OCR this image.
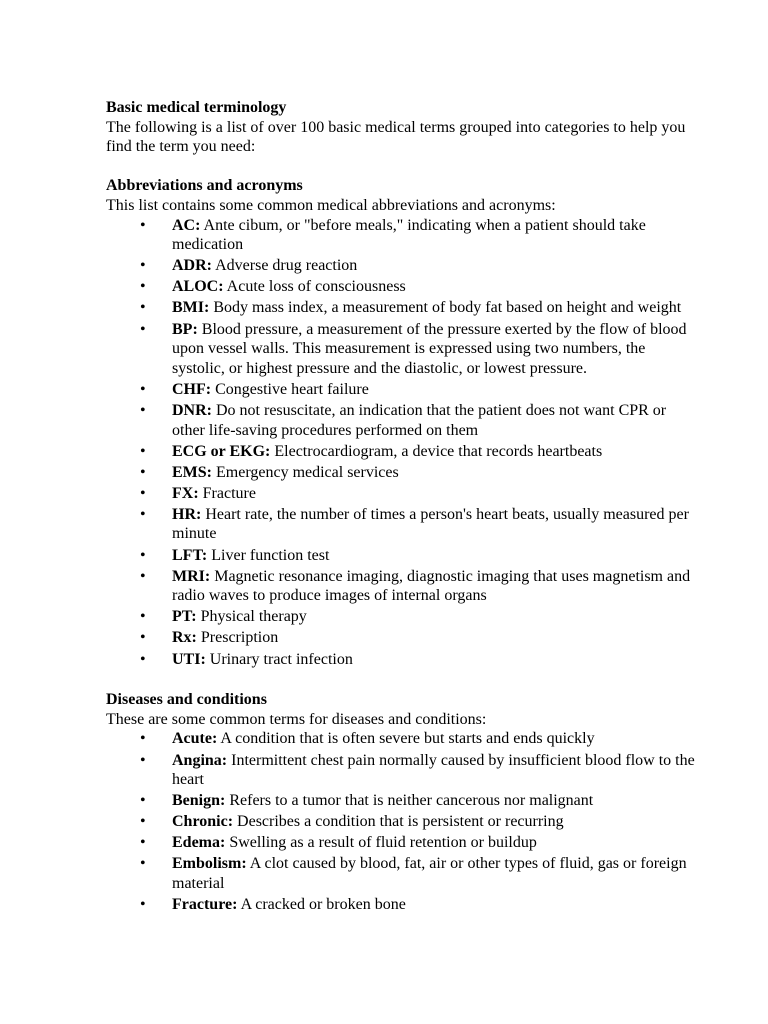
Basic medical terminology

The following is a list of over 100 basic medical terms grouped into categories to help you find the term you need:

Abbreviations and acronyms

This list contains some common medical abbreviations and acronyms:

• AC: Ante cibum, or "before meals," indicating when a patient should take medication
• ADR: Adverse drug reaction
• ALOC: Acute loss of consciousness
• BMI: Body mass index, a measurement of body fat based on height and weight
• BP: Blood pressure, a measurement of the pressure exerted by the flow of blood upon vessel walls. This measurement is expressed using two numbers, the systolic, or highest pressure and the diastolic, or lowest pressure.
• CHF: Congestive heart failure
• DNR: Do not resuscitate, an indication that the patient does not want CPR or other life-saving procedures performed on them
• ECG or EKG: Electrocardiogram, a device that records heartbeats
• EMS: Emergency medical services
• FX: Fracture
• HR: Heart rate, the number of times a person's heart beats, usually measured per minute
• LFT: Liver function test
• MRI: Magnetic resonance imaging, diagnostic imaging that uses magnetism and radio waves to produce images of internal organs
• PT: Physical therapy
• Rx: Prescription
• UTI: Urinary tract infection

Diseases and conditions

These are some common terms for diseases and conditions:

• Acute: A condition that is often severe but starts and ends quickly
• Angina: Intermittent chest pain normally caused by insufficient blood flow to the heart
• Benign: Refers to a tumor that is neither cancerous nor malignant
• Chronic: Describes a condition that is persistent or recurring
• Edema: Swelling as a result of fluid retention or buildup
• Embolism: A clot caused by blood, fat, air or other types of fluid, gas or foreign material
• Fracture: A cracked or broken bone
